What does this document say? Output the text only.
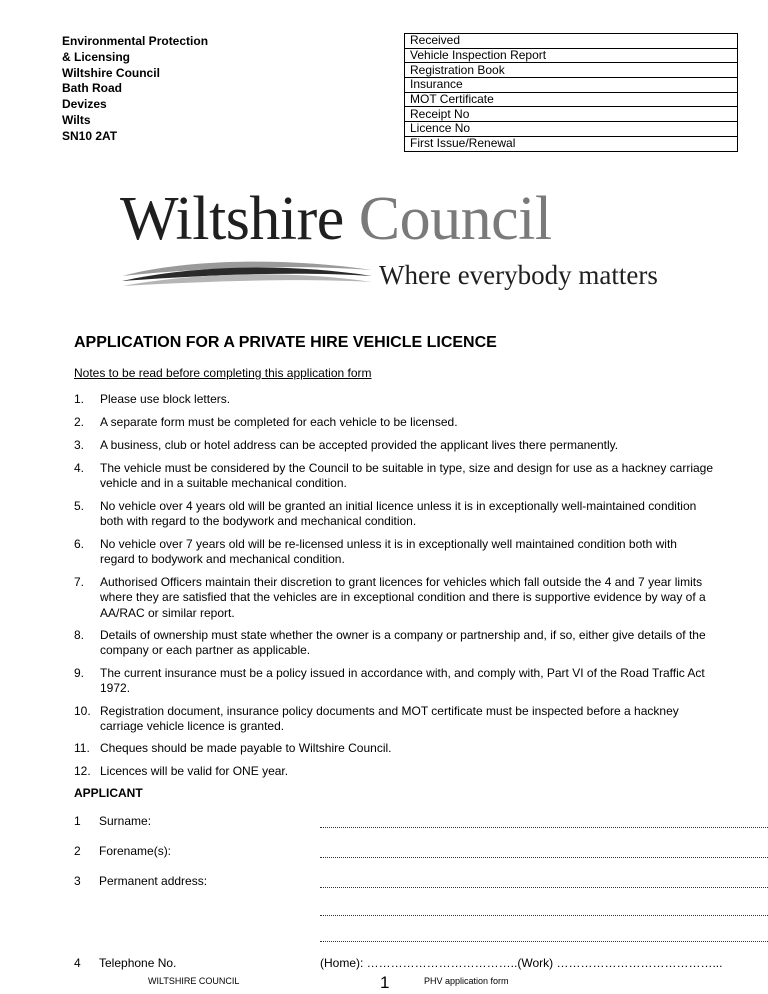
Environmental Protection
& Licensing
Wiltshire Council
Bath Road
Devizes
Wilts
SN10 2AT
Received
Vehicle Inspection Report
Registration Book
Insurance
MOT Certificate
Receipt No
Licence No
First Issue/Renewal
Wiltshire Council
Where everybody matters
APPLICATION FOR A PRIVATE HIRE VEHICLE LICENCE
Notes to be read before completing this application form
1. Please use block letters.
2. A separate form must be completed for each vehicle to be licensed.
3. A business, club or hotel address can be accepted provided the applicant lives there permanently.
4. The vehicle must be considered by the Council to be suitable in type, size and design for use as a hackney carriage vehicle and in a suitable mechanical condition.
5. No vehicle over 4 years old will be granted an initial licence unless it is in exceptionally well-maintained condition both with regard to the bodywork and mechanical condition.
6. No vehicle over 7 years old will be re-licensed unless it is in exceptionally well maintained condition both with regard to bodywork and mechanical condition.
7. Authorised Officers maintain their discretion to grant licences for vehicles which fall outside the 4 and 7 year limits where they are satisfied that the vehicles are in exceptional condition and there is supportive evidence by way of a AA/RAC or similar report.
8. Details of ownership must state whether the owner is a company or partnership and, if so, either give details of the company or each partner as applicable.
9. The current insurance must be a policy issued in accordance with, and comply with, Part VI of the Road Traffic Act 1972.
10. Registration document, insurance policy documents and MOT certificate must be inspected before a hackney carriage vehicle licence is granted.
11. Cheques should be made payable to Wiltshire Council.
12. Licences will be valid for ONE year.
APPLICANT
1 Surname:
2 Forename(s):
3 Permanent address:
4 Telephone No.	(Home): ………………………………..(Work) …………………………………...
WILTSHIRE COUNCIL	1	PHV application form
